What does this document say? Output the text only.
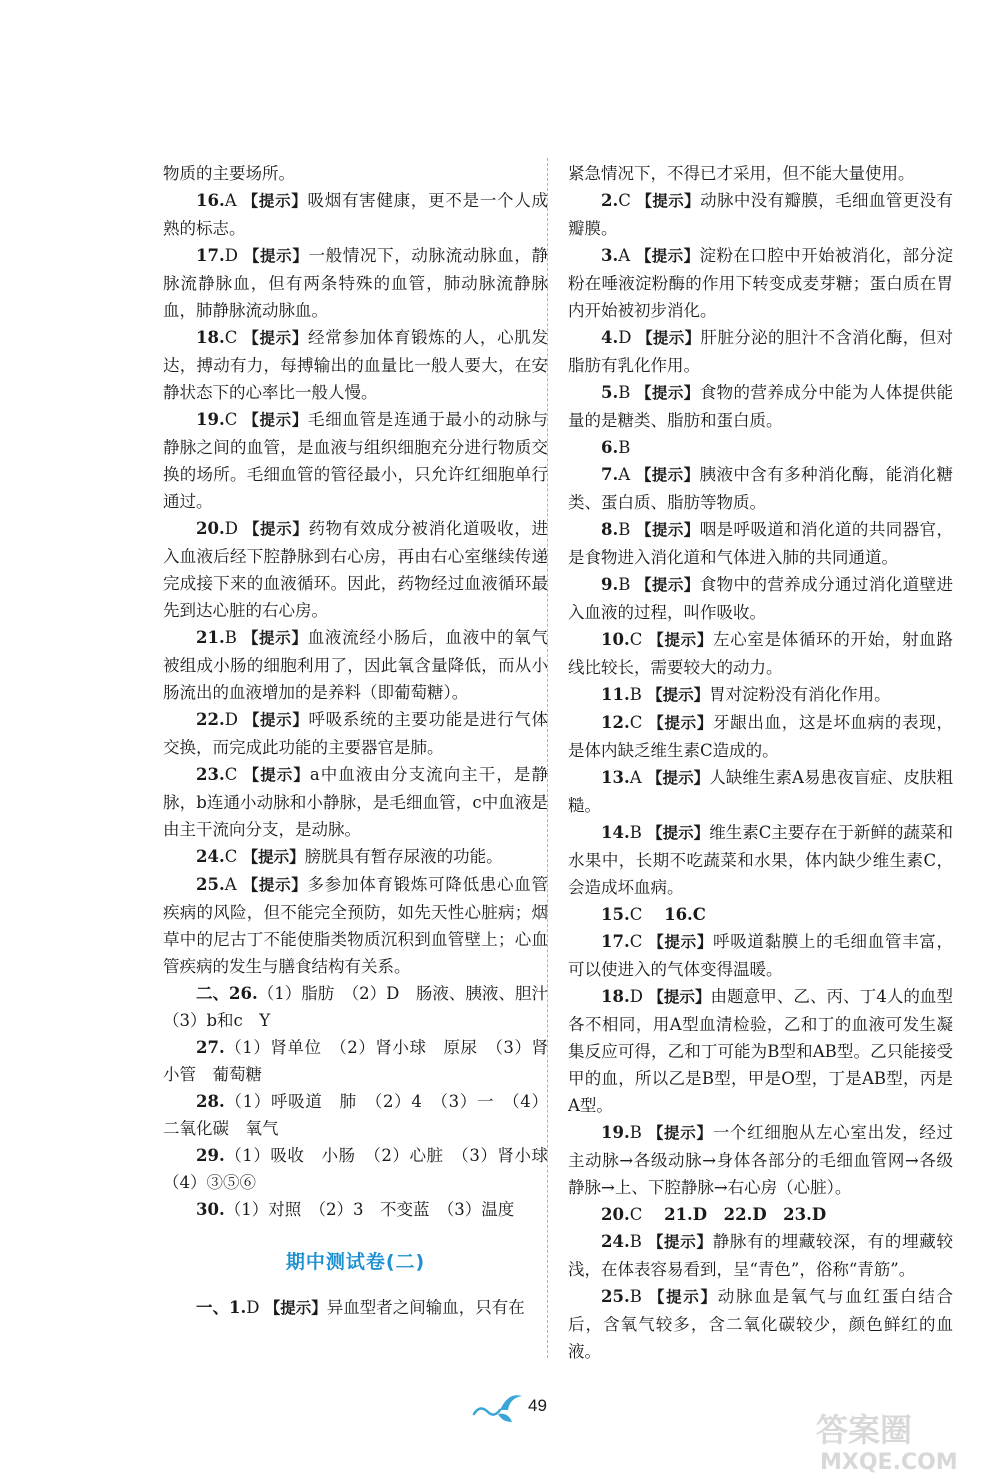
物质的主要场所。

16.A 【提示】吸烟有害健康，更不是一个人成熟的标志。

17.D 【提示】一般情况下，动脉流动脉血，静脉流静脉血，但有两条特殊的血管，肺动脉流静脉血，肺静脉流动脉血。

18.C 【提示】经常参加体育锻炼的人，心肌发达，搏动有力，每搏输出的血量比一般人要大，在安静状态下的心率比一般人慢。

19.C 【提示】毛细血管是连通于最小的动脉与静脉之间的血管，是血液与组织细胞充分进行物质交换的场所。毛细血管的管径最小，只允许红细胞单行通过。

20.D 【提示】药物有效成分被消化道吸收，进入血液后经下腔静脉到右心房，再由右心室继续传递完成接下来的血液循环。因此，药物经过血液循环最先到达心脏的右心房。

21.B 【提示】血液流经小肠后，血液中的氧气被组成小肠的细胞利用了，因此氧含量降低，而从小肠流出的血液增加的是养料（即葡萄糖）。

22.D 【提示】呼吸系统的主要功能是进行气体交换，而完成此功能的主要器官是肺。

23.C 【提示】a中血液由分支流向主干，是静脉，b连通小动脉和小静脉，是毛细血管，c中血液是由主干流向分支，是动脉。

24.C 【提示】膀胱具有暂存尿液的功能。

25.A 【提示】多参加体育锻炼可降低患心血管疾病的风险，但不能完全预防，如先天性心脏病；烟草中的尼古丁不能使脂类物质沉积到血管壁上；心血管疾病的发生与膳食结构有关系。

二、26.（1）脂肪　（2）D　肠液、胰液、胆汁（3）b和c　Y

27.（1）肾单位　（2）肾小球　原尿　（3）肾小管　葡萄糖

28.（1）呼吸道　肺　（2）4　（3）一　（4）二氧化碳　氧气

29.（1）吸收　小肠　（2）心脏　（3）肾小球（4）③⑤⑥

30.（1）对照　（2）3　不变蓝　（3）温度

期中测试卷(二)

一、1.D 【提示】异血型者之间输血，只有在

紧急情况下，不得已才采用，但不能大量使用。

2.C 【提示】动脉中没有瓣膜，毛细血管更没有瓣膜。

3.A 【提示】淀粉在口腔中开始被消化，部分淀粉在唾液淀粉酶的作用下转变成麦芽糖；蛋白质在胃内开始被初步消化。

4.D 【提示】肝脏分泌的胆汁不含消化酶，但对脂肪有乳化作用。

5.B 【提示】食物的营养成分中能为人体提供能量的是糖类、脂肪和蛋白质。

6.B

7.A 【提示】胰液中含有多种消化酶，能消化糖类、蛋白质、脂肪等物质。

8.B 【提示】咽是呼吸道和消化道的共同器官，是食物进入消化道和气体进入肺的共同通道。

9.B 【提示】食物中的营养成分通过消化道壁进入血液的过程，叫作吸收。

10.C 【提示】左心室是体循环的开始，射血路线比较长，需要较大的动力。

11.B 【提示】胃对淀粉没有消化作用。

12.C 【提示】牙龈出血，这是坏血病的表现，是体内缺乏维生素C造成的。

13.A 【提示】人缺维生素A易患夜盲症、皮肤粗糙。

14.B 【提示】维生素C主要存在于新鲜的蔬菜和水果中，长期不吃蔬菜和水果，体内缺少维生素C，会造成坏血病。

15.C 　 16.C

17.C 【提示】呼吸道黏膜上的毛细血管丰富，可以使进入的气体变得温暖。

18.D 【提示】由题意甲、乙、丙、丁4人的血型各不相同，用A型血清检验，乙和丁的血液可发生凝集反应可得，乙和丁可能为B型和AB型。乙只能接受甲的血，所以乙是B型，甲是O型，丁是AB型，丙是A型。

19.B 【提示】一个红细胞从左心室出发，经过主动脉→各级动脉→身体各部分的毛细血管网→各级静脉→上、下腔静脉→右心房（心脏）。

20.C 　 21.D　22.D　23.D

24.B 【提示】静脉有的埋藏较深，有的埋藏较浅，在体表容易看到，呈“青色”，俗称“青筋”。

25.B 【提示】动脉血是氧气与血红蛋白结合后，含氧气较多，含二氧化碳较少，颜色鲜红的血液。

49
答案圈
MXQE.COM
